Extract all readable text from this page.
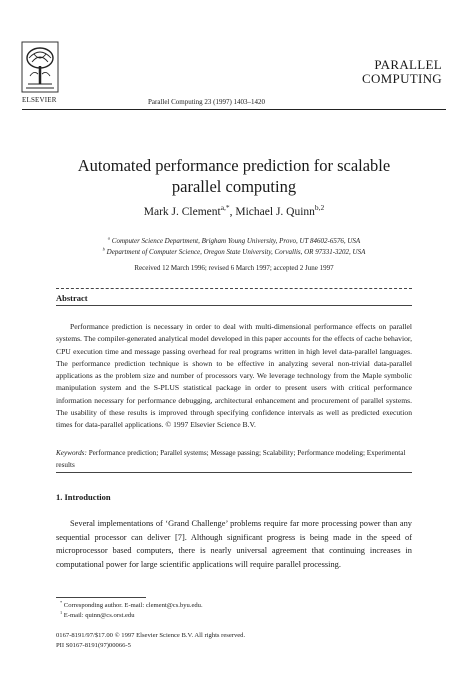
ELSEVIER	Parallel Computing 23 (1997) 1403–1420
PARALLEL
COMPUTING
Automated performance prediction for scalable
parallel computing
Mark J. Clement$^{a,*}$, Michael J. Quinn$^{b,2}$
$^a$ Computer Science Department, Brigham Young University, Provo, UT 84602-6576, USA
$^b$ Department of Computer Science, Oregon State University, Corvallis, OR 97331-3202, USA
Received 12 March 1996; revised 6 March 1997; accepted 2 June 1997
Abstract
Performance prediction is necessary in order to deal with multi-dimensional performance effects on parallel systems. The compiler-generated analytical model developed in this paper accounts for the effects of cache behavior, CPU execution time and message passing overhead for real programs written in high level data-parallel languages. The performance prediction technique is shown to be effective in analyzing several non-trivial data-parallel applications as the problem size and number of processors vary. We leverage technology from the Maple symbolic manipulation system and the S-PLUS statistical package in order to present users with critical performance information necessary for performance debugging, architectural enhancement and procurement of parallel systems. The usability of these results is improved through specifying confidence intervals as well as predicted execution times for data-parallel applications. © 1997 Elsevier Science B.V.
Keywords: Performance prediction; Parallel systems; Message passing; Scalability; Performance modeling; Experimental results
1. Introduction
Several implementations of ‘Grand Challenge’ problems require far more processing power than any sequential processor can deliver [7]. Although significant progress is being made in the speed of microprocessor based computers, there is nearly universal agreement that continuing increases in computational power for large scientific applications will require parallel processing.
* Corresponding author. E-mail: clement@cs.byu.edu.
$^1$ E-mail: quinn@cs.orst.edu
0167-8191/97/$17.00 © 1997 Elsevier Science B.V. All rights reserved.
PII S0167-8191(97)00066-5
